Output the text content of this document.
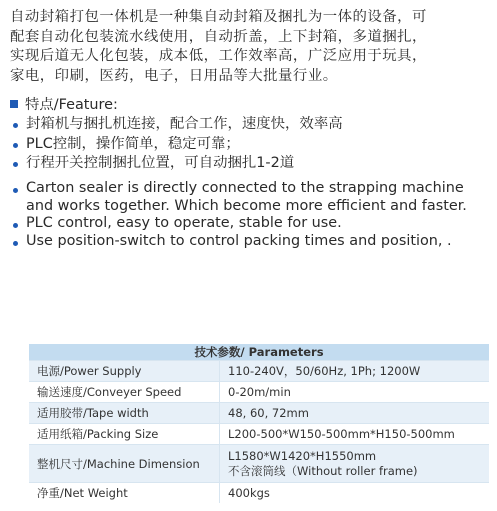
自动封箱打包一体机是一种集自动封箱及捆扎为一体的设备，可
配套自动化包装流水线使用，自动折盖，上下封箱，多道捆扎，
实现后道无人化包装，成本低，工作效率高，广泛应用于玩具，
家电，印刷，医药，电子，日用品等大批量行业。
特点/Feature:
封箱机与捆扎机连接，配合工作，速度快，效率高
PLC控制，操作简单，稳定可靠；
行程开关控制捆扎位置，可自动捆扎1-2道
Carton sealer is directly connected to the strapping machine
and works together. Which become more efficient and faster.
PLC control, easy to operate, stable for use.
Use position-switch to control packing times and position, .
技术参数/ Parameters	
电源/Power Supply	110-240V，50/60Hz, 1Ph; 1200W
输送速度/Conveyer Speed	0-20m/min
适用胶带/Tape width	48, 60, 72mm
适用纸箱/Packing Size	L200-500*W150-500mm*H150-500mm
整机尺寸/Machine Dimension	L1580*W1420*H1550mm
不含滚筒线（Without roller frame)

净重/Net Weight	400kgs
